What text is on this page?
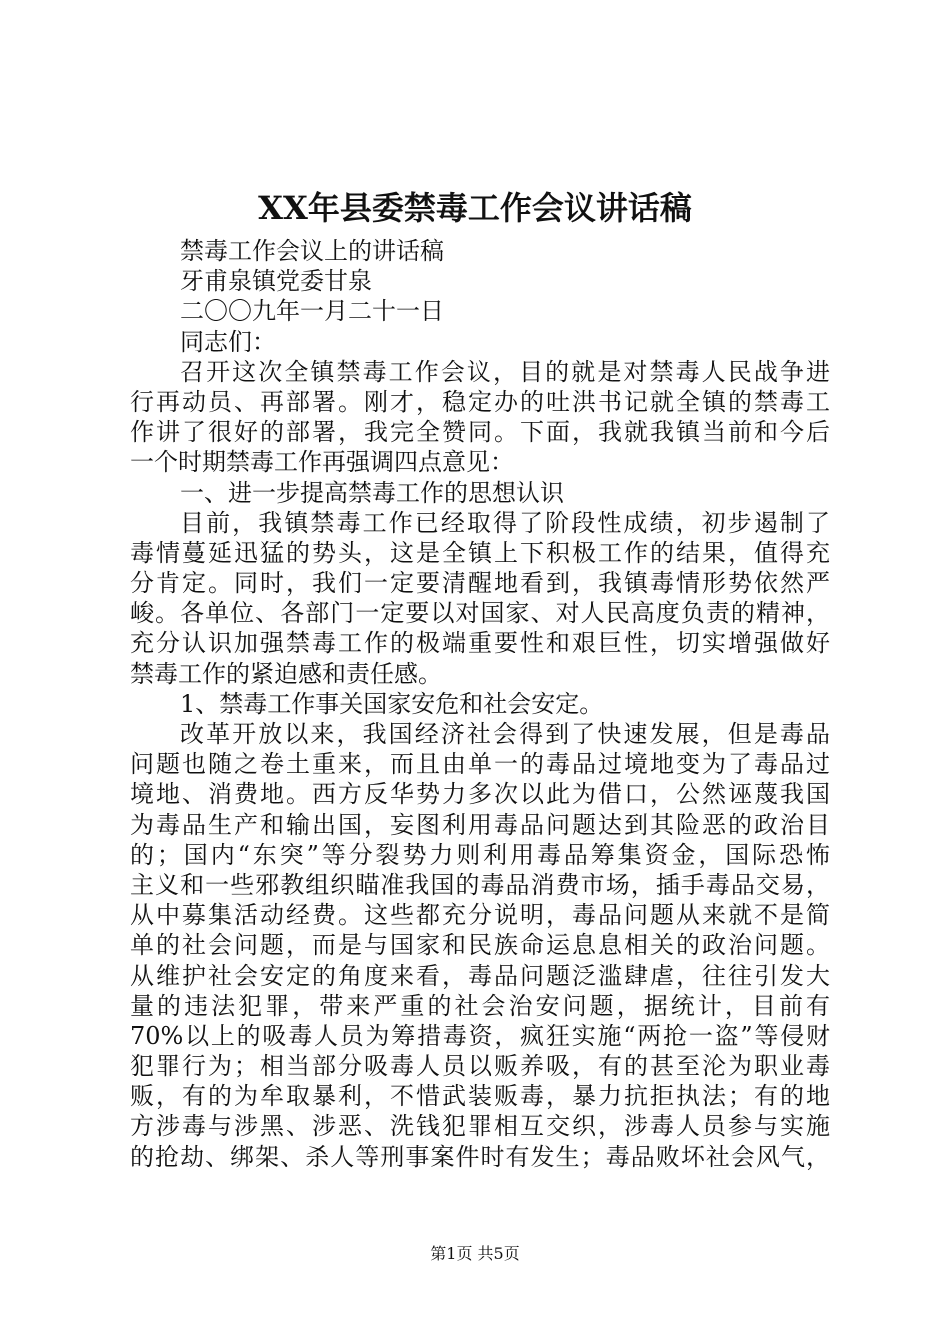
XX年县委禁毒工作会议讲话稿
禁毒工作会议上的讲话稿
牙甫泉镇党委甘泉
二〇〇九年一月二十一日
同志们：
召开这次全镇禁毒工作会议，目的就是对禁毒人民战争进
行再动员、再部署。刚才，稳定办的吐洪书记就全镇的禁毒工
作讲了很好的部署，我完全赞同。下面，我就我镇当前和今后
一个时期禁毒工作再强调四点意见：
一、进一步提高禁毒工作的思想认识
目前，我镇禁毒工作已经取得了阶段性成绩，初步遏制了
毒情蔓延迅猛的势头，这是全镇上下积极工作的结果，值得充
分肯定。同时，我们一定要清醒地看到，我镇毒情形势依然严
峻。各单位、各部门一定要以对国家、对人民高度负责的精神，
充分认识加强禁毒工作的极端重要性和艰巨性，切实增强做好
禁毒工作的紧迫感和责任感。
1、禁毒工作事关国家安危和社会安定。
改革开放以来，我国经济社会得到了快速发展，但是毒品
问题也随之卷土重来，而且由单一的毒品过境地变为了毒品过
境地、消费地。西方反华势力多次以此为借口，公然诬蔑我国
为毒品生产和输出国，妄图利用毒品问题达到其险恶的政治目
的；国内“东突”等分裂势力则利用毒品筹集资金，国际恐怖
主义和一些邪教组织瞄准我国的毒品消费市场，插手毒品交易，
从中募集活动经费。这些都充分说明，毒品问题从来就不是简
单的社会问题，而是与国家和民族命运息息相关的政治问题。
从维护社会安定的角度来看，毒品问题泛滥肆虐，往往引发大
量的违法犯罪，带来严重的社会治安问题，据统计，目前有
70%以上的吸毒人员为筹措毒资，疯狂实施“两抢一盗”等侵财
犯罪行为；相当部分吸毒人员以贩养吸，有的甚至沦为职业毒
贩，有的为牟取暴利，不惜武装贩毒，暴力抗拒执法；有的地
方涉毒与涉黑、涉恶、洗钱犯罪相互交织，涉毒人员参与实施
的抢劫、绑架、杀人等刑事案件时有发生；毒品败坏社会风气，
第1页 共5页
